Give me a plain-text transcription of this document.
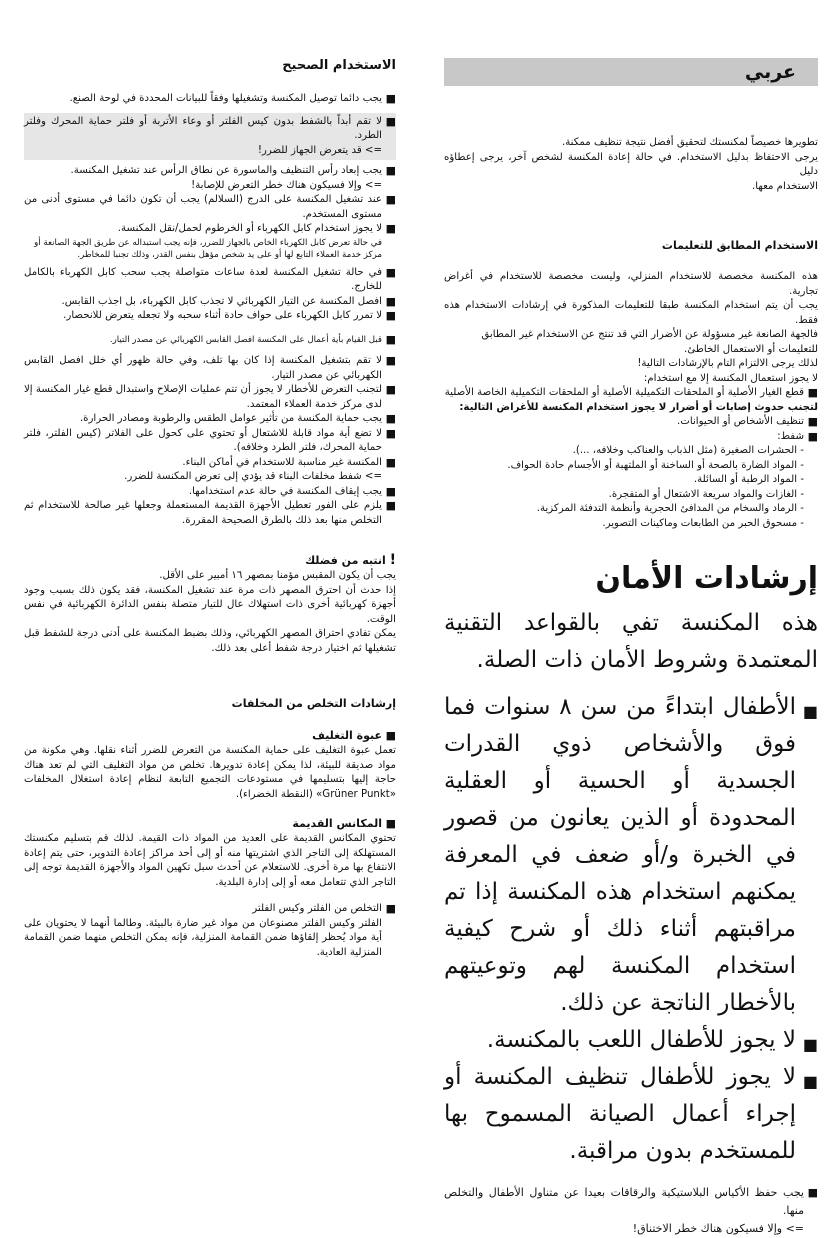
عربي

تطويرها خصيصاً لمكنستك لتحقيق أفضل نتيجة تنظيف ممكنة.

يرجى الاحتفاظ بدليل الاستخدام. في حالة إعادة المكنسة لشخص آخر، يرجى إعطاؤه دليل

الاستخدام معها.

الاستخدام المطابق للتعليمات

هذه المكنسة مخصصة للاستخدام المنزلي، وليست مخصصة للاستخدام في أغراض تجارية.

يجب أن يتم استخدام المكنسة طبقا للتعليمات المذكورة في إرشادات الاستخدام هذه فقط.

فالجهة الصانعة غير مسؤولة عن الأضرار التي قد تنتج عن الاستخدام غير المطابق

للتعليمات أو الاستعمال الخاطئ.

لذلك يرجى الالتزام التام بالإرشادات التالية!

لا يجوز استعمال المكنسة إلا مع استخدام:

■
قطع الغيار الأصلية أو الملحقات التكميلية الأصلية أو الملحقات التكميلية الخاصة الأصلية

لتجنب حدوث إصابات أو أضرار لا يجوز استخدام المكنسة للأغراض التالية:

■
تنظيف الأشخاص أو الحيوانات.
■
شفط:

- الحشرات الصغيرة (مثل الذباب والعناكب وخلافه، ...).

- المواد الضارة بالصحة أو الساخنة أو الملتهبة أو الأجسام حادة الحواف.

- المواد الرطبة أو السائلة.

- الغازات والمواد سريعة الاشتعال أو المتفجرة.

- الرماد والسخام من المدافئ الحجرية وأنظمة التدفئة المركزية.

- مسحوق الحبر من الطابعات وماكينات التصوير.

إرشادات الأمان

هذه المكنسة تفي بالقواعد التقنية المعتمدة وشروط الأمان ذات الصلة.

■
الأطفال ابتداءً من سن ٨ سنوات فما فوق والأشخاص ذوي القدرات الجسدية أو الحسية أو العقلية المحدودة أو الذين يعانون من قصور في الخبرة و/أو ضعف في المعرفة يمكنهم استخدام هذه المكنسة إذا تم مراقبتهم أثناء ذلك أو شرح كيفية استخدام المكنسة لهم وتوعيتهم بالأخطار الناتجة عن ذلك.
■
لا يجوز للأطفال اللعب بالمكنسة.
■
لا يجوز للأطفال تنظيف المكنسة أو إجراء أعمال الصيانة المسموح بها للمستخدم بدون مراقبة.
■
يجب حفظ الأكياس البلاستيكية والرقاقات بعيدا عن متناول الأطفال والتخلص منها.

=> وإلا فسيكون هناك خطر الاختناق!

الاستخدام الصحيح

■
يجب دائما توصيل المكنسة وتشغيلها وفقاً للبيانات المحددة في لوحة الصنع.
■
لا تقم أبداً بالشفط بدون كيس الفلتر أو وعاء الأتربة أو فلتر حماية المحرك وفلتر الطرد.

=> قد يتعرض الجهاز للضرر!

■
يجب إبعاد رأس التنظيف والماسورة عن نطاق الرأس عند تشغيل المكنسة.

=> وإلا فسيكون هناك خطر التعرض للإصابة!

■
عند تشغيل المكنسة على الدرج (السلالم) يجب أن تكون دائما في مستوى أدنى من مستوى المستخدم.
■
لا يجوز استخدام كابل الكهرباء أو الخرطوم لحمل/نقل المكنسة.

في حالة تعرض كابل الكهرباء الخاص بالجهاز للضرر، فإنه يجب استبداله عن طريق الجهة الصانعة أو مركز خدمة العملاء التابع لها أو على يد شخص مؤهل بنفس القدر، وذلك تجنبا للمخاطر.

■
في حالة تشغيل المكنسة لعدة ساعات متواصلة يجب سحب كابل الكهرباء بالكامل للخارج.
■
افصل المكنسة عن التيار الكهربائي لا تجذب كابل الكهرباء، بل اجذب القابس.
■
لا تمرر كابل الكهرباء على حواف حادة أثناء سحبه ولا تجعله يتعرض للانحصار.
■
قبل القيام بأية أعمال على المكنسة افصل القابس الكهربائي عن مصدر التيار.
■
لا تقم بتشغيل المكنسة إذا كان بها تلف، وفي حالة ظهور أي خلل افصل القابس الكهربائي عن مصدر التيار.
■
لتجنب التعرض للأخطار لا يجوز أن تتم عمليات الإصلاح واستبدال قطع غيار المكنسة إلا لدى مركز خدمة العملاء المعتمد.
■
يجب حماية المكنسة من تأثير عوامل الطقس والرطوبة ومصادر الحرارة.
■
لا تضع أية مواد قابلة للاشتعال أو تحتوي على كحول على الفلاتر (كيس الفلتر، فلتر حماية المحرك، فلتر الطرد وخلافه).
■
المكنسة غير مناسبة للاستخدام في أماكن البناء.

=> شفط مخلفات البناء قد يؤدي إلى تعرض المكنسة للضرر.

■
يجب إيقاف المكنسة في حالة عدم استخدامها.
■
يلزم على الفور تعطيل الأجهزة القديمة المستعملة وجعلها غير صالحة للاستخدام ثم التخلص منها بعد ذلك بالطرق الصحيحة المقررة.

! انتبه من فضلك

يجب أن يكون المقبس مؤمنا بمصهر ١٦ أمبير على الأقل.

إذا حدث أن احترق المصهر ذات مرة عند تشغيل المكنسة، فقد يكون ذلك بسبب وجود أجهزة كهربائية أخرى ذات استهلاك عال للتيار متصلة بنفس الدائرة الكهربائية في نفس الوقت.

يمكن تفادي احتراق المصهر الكهربائي، وذلك بضبط المكنسة على أدنى درجة للشفط قبل تشغيلها ثم اختيار درجة شفط أعلى بعد ذلك.

إرشادات التخلص من المخلفات

■
عبوة التغليف

تعمل عبوة التغليف على حماية المكنسة من التعرض للضرر أثناء نقلها. وهي مكونة من مواد صديقة للبيئة، لذا يمكن إعادة تدويرها. تخلص من مواد التغليف التي لم تعد هناك حاجة إليها بتسليمها في مستودعات التجميع التابعة لنظام إعادة استغلال المخلفات «Grüner Punkt» (النقطة الخضراء).

■
المكانس القديمة

تحتوي المكانس القديمة على العديد من المواد ذات القيمة. لذلك قم بتسليم مكنستك المستهلكة إلى التاجر الذي اشتريتها منه أو إلى أحد مراكز إعادة التدوير، حتى يتم إعادة الانتفاع بها مرة أخرى. للاستعلام عن أحدث سبل تكهين المواد والأجهزة القديمة توجه إلى التاجر الذي تتعامل معه أو إلى إدارة البلدية.

■
التخلص من الفلتر وكيس الفلتر

الفلتر وكيس الفلتر مصنوعان من مواد غير ضارة بالبيئة. وطالما أنهما لا يحتويان على أية مواد يُحظر إلقاؤها ضمن القمامة المنزلية، فإنه يمكن التخلص منهما ضمن القمامة المنزلية العادية.
